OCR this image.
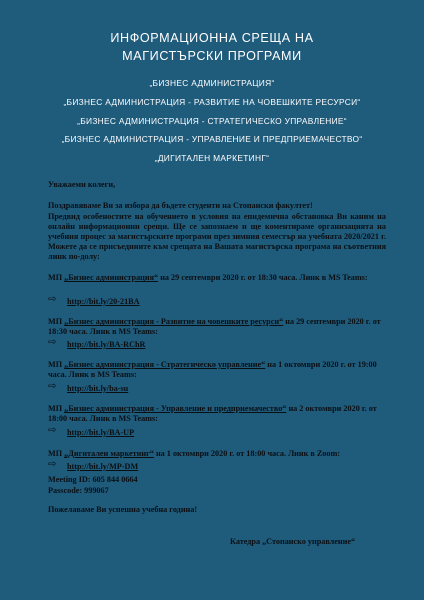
ИНФОРМАЦИОННА СРЕЩА НА
МАГИСТЪРСКИ ПРОГРАМИ
„БИЗНЕС АДМИНИСТРАЦИЯ“
„БИЗНЕС АДМИНИСТРАЦИЯ - РАЗВИТИЕ НА ЧОВЕШКИТЕ РЕСУРСИ“
„БИЗНЕС АДМИНИСТРАЦИЯ - СТРАТЕГИЧЕСКО УПРАВЛЕНИЕ“
„БИЗНЕС АДМИНИСТРАЦИЯ - УПРАВЛЕНИЕ И ПРЕДПРИЕМАЧЕСТВО“
„ДИГИТАЛЕН МАРКЕТИНГ“
Уважаеми колеги,
Поздравяваме Ви за избора да бъдете студенти на Стопански факултет!
Предвид особеностите на обучението в условия на епидемична обстановка Ви каним на онлайн информационни срещи. Ще се запознаем и ще коментираме организацията на учебния процес за магистърските програми през зимния семестър на учебната 2020/2021 г. Можете да се присъедините към срещата на Вашата магистърска програма на съответния линк по-долу:
МП „Бизнес администрация“ на 29 септември 2020 г. от 18:30 часа. Линк в MS Teams:
⇨ http://bit.ly/20-21BA
МП „Бизнес администрация - Развитие на човешките ресурси“ на 29 септември 2020 г. от 18:30 часа. Линк в MS Teams:
⇨ http://bit.ly/BA-RChR
МП „Бизнес администрация - Стратегическо управление“ на 1 октомври 2020 г. от 19:00 часа. Линк в MS Teams:
⇨ http://bit.ly/ba-su
МП „Бизнес администрация - Управление и предприемачество“ на 2 октомври 2020 г. от 18:00 часа. Линк в MS Teams:
⇨ http://bit.ly/BA-UP
МП „Дигитален маркетинг“ на 1 октомври 2020 г. от 18:00 часа. Линк в Zoom:
⇨ http://bit.ly/MP-DM
Meeting ID: 605 844 0664
Passcode: 999067
Пожелаваме Ви успешна учебна година!
Катедра „Стопанско управление“
